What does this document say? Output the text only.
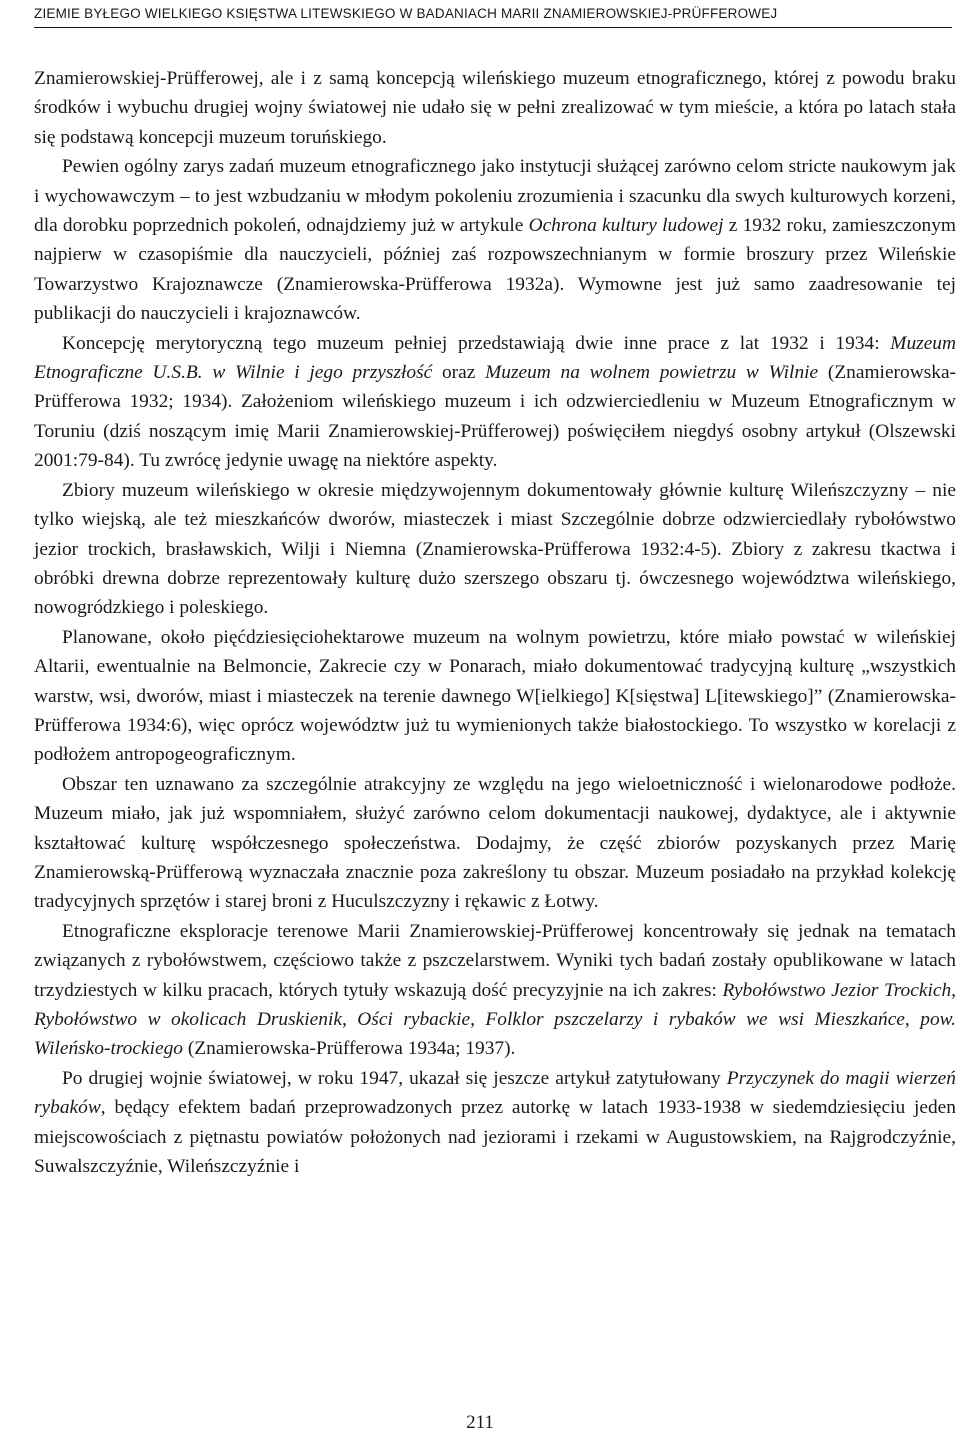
ZIEMIE BYŁEGO WIELKIEGO KSIĘSTWA LITEWSKIEGO W BADANIACH MARII ZNAMIEROWSKIEJ-PRÜFFEROWEJ

Znamierowskiej-Prüfferowej, ale i z samą koncepcją wileńskiego muzeum etnograficznego, której z powodu braku środków i wybuchu drugiej wojny światowej nie udało się w pełni zrealizować w tym mieście, a która po latach stała się podstawą koncepcji muzeum toruńskiego.

Pewien ogólny zarys zadań muzeum etnograficznego jako instytucji służącej zarówno celom stricte naukowym jak i wychowawczym – to jest wzbudzaniu w młodym pokoleniu zrozumienia i szacunku dla swych kulturowych korzeni, dla dorobku poprzednich pokoleń, odnajdziemy już w artykule Ochrona kultury ludowej z 1932 roku, zamieszczonym najpierw w czasopiśmie dla nauczycieli, później zaś rozpowszechnianym w formie broszury przez Wileńskie Towarzystwo Krajoznawcze (Znamierowska-Prüfferowa 1932a). Wymowne jest już samo zaadresowanie tej publikacji do nauczycieli i krajoznawców.

Koncepcję merytoryczną tego muzeum pełniej przedstawiają dwie inne prace z lat 1932 i 1934: Muzeum Etnograficzne U.S.B. w Wilnie i jego przyszłość oraz Muzeum na wolnem powietrzu w Wilnie (Znamierowska-Prüfferowa 1932; 1934). Założeniom wileńskiego muzeum i ich odzwierciedleniu w Muzeum Etnograficznym w Toruniu (dziś noszącym imię Marii Znamierowskiej-Prüfferowej) poświęciłem niegdyś osobny artykuł (Olszewski 2001:79-84). Tu zwrócę jedynie uwagę na niektóre aspekty.

Zbiory muzeum wileńskiego w okresie międzywojennym dokumentowały głównie kulturę Wileńszczyzny – nie tylko wiejską, ale też mieszkańców dworów, miasteczek i miast Szczególnie dobrze odzwierciedlały rybołówstwo jezior trockich, brasławskich, Wilji i Niemna (Znamierowska-Prüfferowa 1932:4-5). Zbiory z zakresu tkactwa i obróbki drewna dobrze reprezentowały kulturę dużo szerszego obszaru tj. ówczesnego województwa wileńskiego, nowogródzkiego i poleskiego.

Planowane, około pięćdziesięciohektarowe muzeum na wolnym powietrzu, które miało powstać w wileńskiej Altarii, ewentualnie na Belmoncie, Zakrecie czy w Ponarach, miało dokumentować tradycyjną kulturę „wszystkich warstw, wsi, dworów, miast i miasteczek na terenie dawnego W[ielkiego] K[sięstwa] L[itewskiego]” (Znamierowska-Prüfferowa 1934:6), więc oprócz województw już tu wymienionych także białostockiego. To wszystko w korelacji z podłożem antropogeograficznym.

Obszar ten uznawano za szczególnie atrakcyjny ze względu na jego wieloetniczność i wielonarodowe podłoże. Muzeum miało, jak już wspomniałem, służyć zarówno celom dokumentacji naukowej, dydaktyce, ale i aktywnie kształtować kulturę współczesnego społeczeństwa. Dodajmy, że część zbiorów pozyskanych przez Marię Znamierowską-Prüfferową wyznaczała znacznie poza zakreślony tu obszar. Muzeum posiadało na przykład kolekcję tradycyjnych sprzętów i starej broni z Huculszczyzny i rękawic z Łotwy.

Etnograficzne eksploracje terenowe Marii Znamierowskiej-Prüfferowej koncentrowały się jednak na tematach związanych z rybołówstwem, częściowo także z pszczelarstwem. Wyniki tych badań zostały opublikowane w latach trzydziestych w kilku pracach, których tytuły wskazują dość precyzyjnie na ich zakres: Rybołówstwo Jezior Trockich, Rybołówstwo w okolicach Druskienik, Ości rybackie, Folklor pszczelarzy i rybaków we wsi Mieszkańce, pow. Wileńsko-trockiego (Znamierowska-Prüfferowa 1934a; 1937).

Po drugiej wojnie światowej, w roku 1947, ukazał się jeszcze artykuł zatytułowany Przyczynek do magii wierzeń rybaków, będący efektem badań przeprowadzonych przez autorkę w latach 1933-1938 w siedemdziesięciu jeden miejscowościach z piętnastu powiatów położonych nad jeziorami i rzekami w Augustowskiem, na Rajgrodczyźnie, Suwalszczyźnie, Wileńszczyźnie i

211
